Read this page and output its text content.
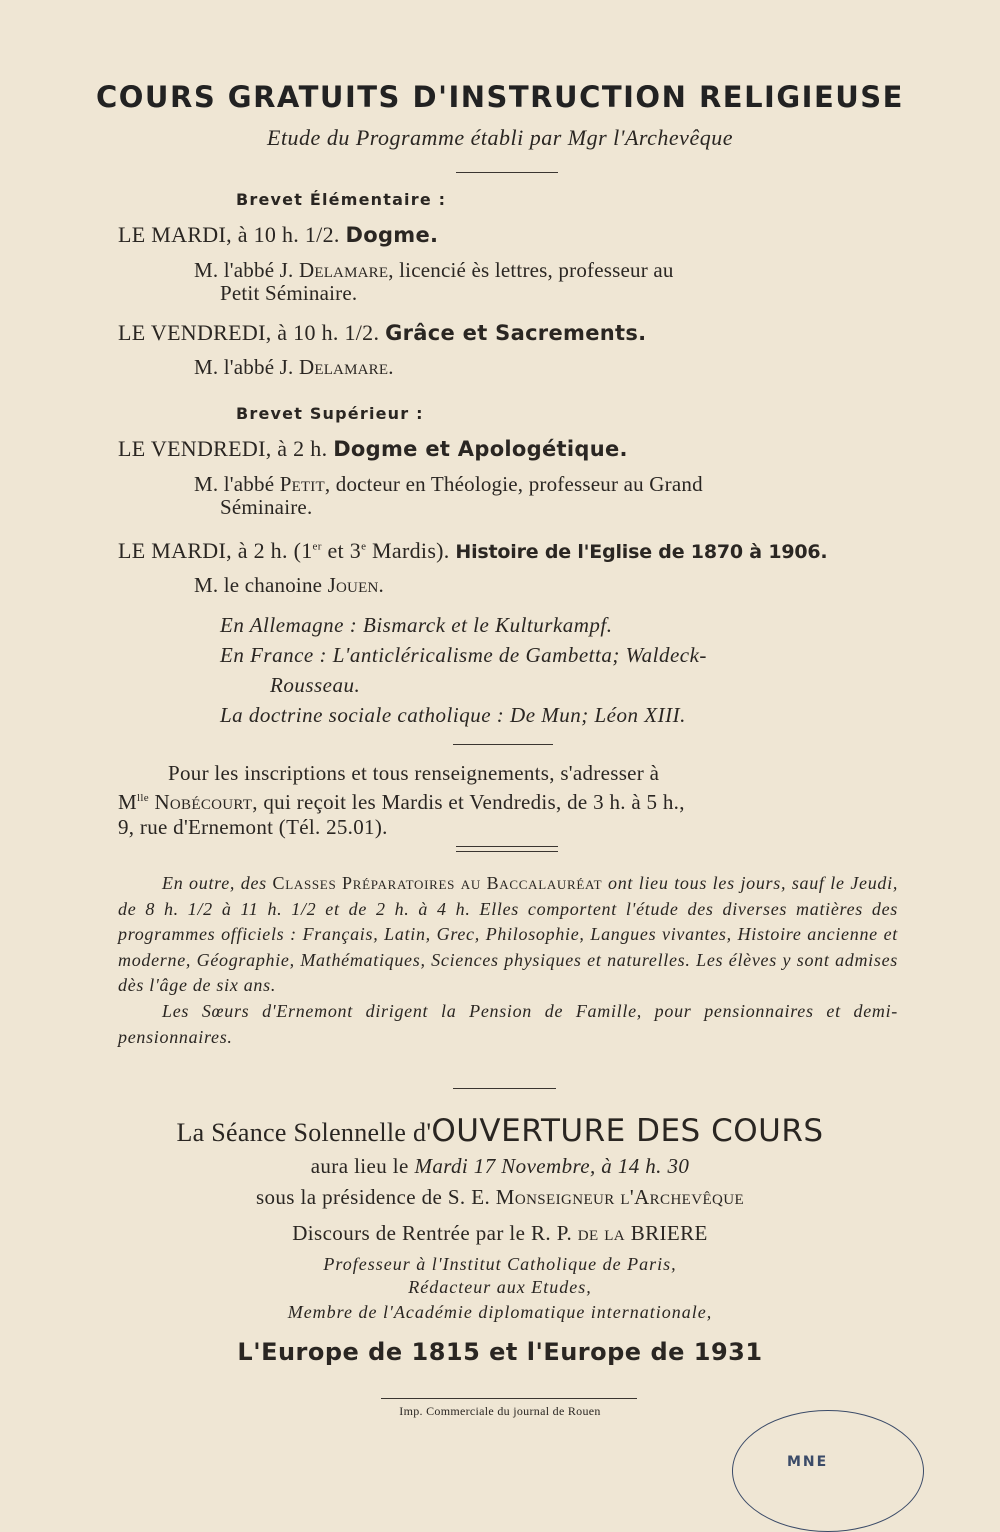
COURS GRATUITS D'INSTRUCTION RELIGIEUSE
Etude du Programme établi par Mgr l'Archevêque
Brevet Élémentaire :
LE MARDI, à 10 h. 1/2. Dogme.
M. l'abbé J. Delamare, licencié ès lettres, professeur au
Petit Séminaire.
LE VENDREDI, à 10 h. 1/2. Grâce et Sacrements.
M. l'abbé J. Delamare.
Brevet Supérieur :
LE VENDREDI, à 2 h. Dogme et Apologétique.
M. l'abbé Petit, docteur en Théologie, professeur au Grand
Séminaire.
LE MARDI, à 2 h. (1er et 3e Mardis). Histoire de l'Eglise de 1870 à 1906.
M. le chanoine Jouen.
En Allemagne : Bismarck et le Kulturkampf.
En France : L'anticléricalisme de Gambetta; Waldeck-
Rousseau.
La doctrine sociale catholique : De Mun; Léon XIII.

Pour les inscriptions et tous renseignements, s'adresser à

$M^{lle}$ Nobécourt, qui reçoit les Mardis et Vendredis, de 3 h. à 5 h.,
9, rue d'Ernemont (Tél. 25.01).

En outre, des Classes Préparatoires au Baccalauréat ont lieu tous les jours, sauf le Jeudi, de 8 h. 1/2 à 11 h. 1/2 et de 2 h. à 4 h. Elles comportent l'étude des diverses matières des programmes officiels : Français, Latin, Grec, Philosophie, Langues vivantes, Histoire ancienne et moderne, Géographie, Mathématiques, Sciences physiques et naturelles. Les élèves y sont admises dès l'âge de six ans.

Les Sœurs d'Ernemont dirigent la Pension de Famille, pour pensionnaires et demi-pensionnaires.

La Séance Solennelle d'OUVERTURE DES COURS
aura lieu le Mardi 17 Novembre, à 14 h. 30
sous la présidence de S. E. Monseigneur l'Archevêque
Discours de Rentrée par le R. P. de la BRIERE
Professeur à l'Institut Catholique de Paris,
Rédacteur aux Etudes,
Membre de l'Académie diplomatique internationale,
L'Europe de 1815 et l'Europe de 1931
Imp. Commerciale du journal de Rouen
MNE
